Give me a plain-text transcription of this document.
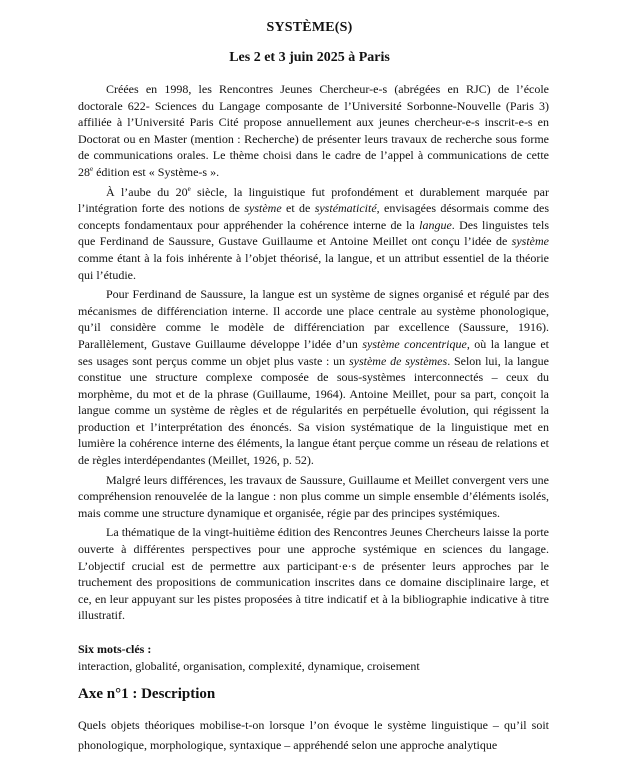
SYSTÈME(S)
Les 2 et 3 juin 2025 à Paris

Créées en 1998, les Rencontres Jeunes Chercheur-e-s (abrégées en RJC) de l’école doctorale 622- Sciences du Langage composante de l’Université Sorbonne-Nouvelle (Paris 3) affiliée à l’Université Paris Cité propose annuellement aux jeunes chercheur-e-s inscrit-e-s en Doctorat ou en Master (mention : Recherche) de présenter leurs travaux de recherche sous forme de communications orales. Le thème choisi dans le cadre de l’appel à communications de cette 28e édition est « Système-s ».

À l’aube du 20e siècle, la linguistique fut profondément et durablement marquée par l’intégration forte des notions de système et de systématicité, envisagées désormais comme des concepts fondamentaux pour appréhender la cohérence interne de la langue. Des linguistes tels que Ferdinand de Saussure, Gustave Guillaume et Antoine Meillet ont conçu l’idée de système comme étant à la fois inhérente à l’objet théorisé, la langue, et un attribut essentiel de la théorie qui l’étudie.

Pour Ferdinand de Saussure, la langue est un système de signes organisé et régulé par des mécanismes de différenciation interne. Il accorde une place centrale au système phonologique, qu’il considère comme le modèle de différenciation par excellence (Saussure, 1916). Parallèlement, Gustave Guillaume développe l’idée d’un système concentrique, où la langue et ses usages sont perçus comme un objet plus vaste : un système de systèmes. Selon lui, la langue constitue une structure complexe composée de sous-systèmes interconnectés – ceux du morphème, du mot et de la phrase (Guillaume, 1964). Antoine Meillet, pour sa part, conçoit la langue comme un système de règles et de régularités en perpétuelle évolution, qui régissent la production et l’interprétation des énoncés. Sa vision systématique de la linguistique met en lumière la cohérence interne des éléments, la langue étant perçue comme un réseau de relations et de règles interdépendantes (Meillet, 1926, p. 52).

Malgré leurs différences, les travaux de Saussure, Guillaume et Meillet convergent vers une compréhension renouvelée de la langue : non plus comme un simple ensemble d’éléments isolés, mais comme une structure dynamique et organisée, régie par des principes systémiques.

La thématique de la vingt-huitième édition des Rencontres Jeunes Chercheurs laisse la porte ouverte à différentes perspectives pour une approche systémique en sciences du langage. L’objectif crucial est de permettre aux participant·e·s de présenter leurs approches par le truchement des propositions de communication inscrites dans ce domaine disciplinaire large, et ce, en leur appuyant sur les pistes proposées à titre indicatif et à la bibliographie indicative à titre illustratif.

Six mots-clés :
interaction, globalité, organisation, complexité, dynamique, croisement
Axe n°1 : Description
Quels objets théoriques mobilise-t-on lorsque l’on évoque le système linguistique – qu’il soit phonologique, morphologique, syntaxique – appréhendé selon une approche analytique
